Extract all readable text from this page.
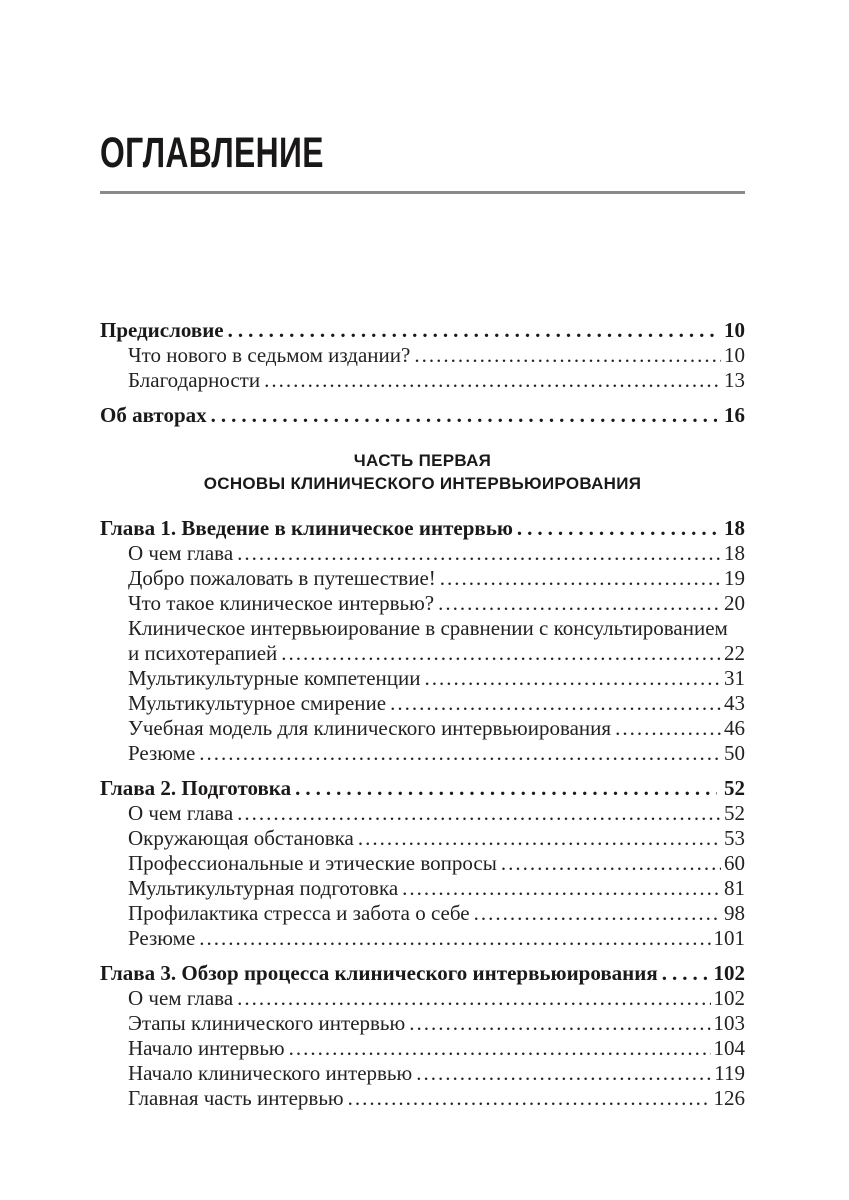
ОГЛАВЛЕНИЕ
Предисловие .....	10
Что нового в седьмом издании? .....	10
Благодарности .....	13
Об авторах .....	16
ЧАСТЬ ПЕРВАЯ
ОСНОВЫ КЛИНИЧЕСКОГО ИНТЕРВЬЮИРОВАНИЯ
Глава 1. Введение в клиническое интервью .....	18
О чем глава .....	18
Добро пожаловать в путешествие! .....	19
Что такое клиническое интервью? .....	20
Клиническое интервьюирование в сравнении с консультированием
и психотерапией .....	22
Мультикультурные компетенции .....	31
Мультикультурное смирение .....	43
Учебная модель для клинического интервьюирования .....	46
Резюме .....	50
Глава 2. Подготовка .....	52
О чем глава .....	52
Окружающая обстановка .....	53
Профессиональные и этические вопросы .....	60
Мультикультурная подготовка .....	81
Профилактика стресса и забота о себе .....	98
Резюме .....	101
Глава 3. Обзор процесса клинического интервьюирования .....	102
О чем глава .....	102
Этапы клинического интервью .....	103
Начало интервью .....	104
Начало клинического интервью .....	119
Главная часть интервью .....	126
